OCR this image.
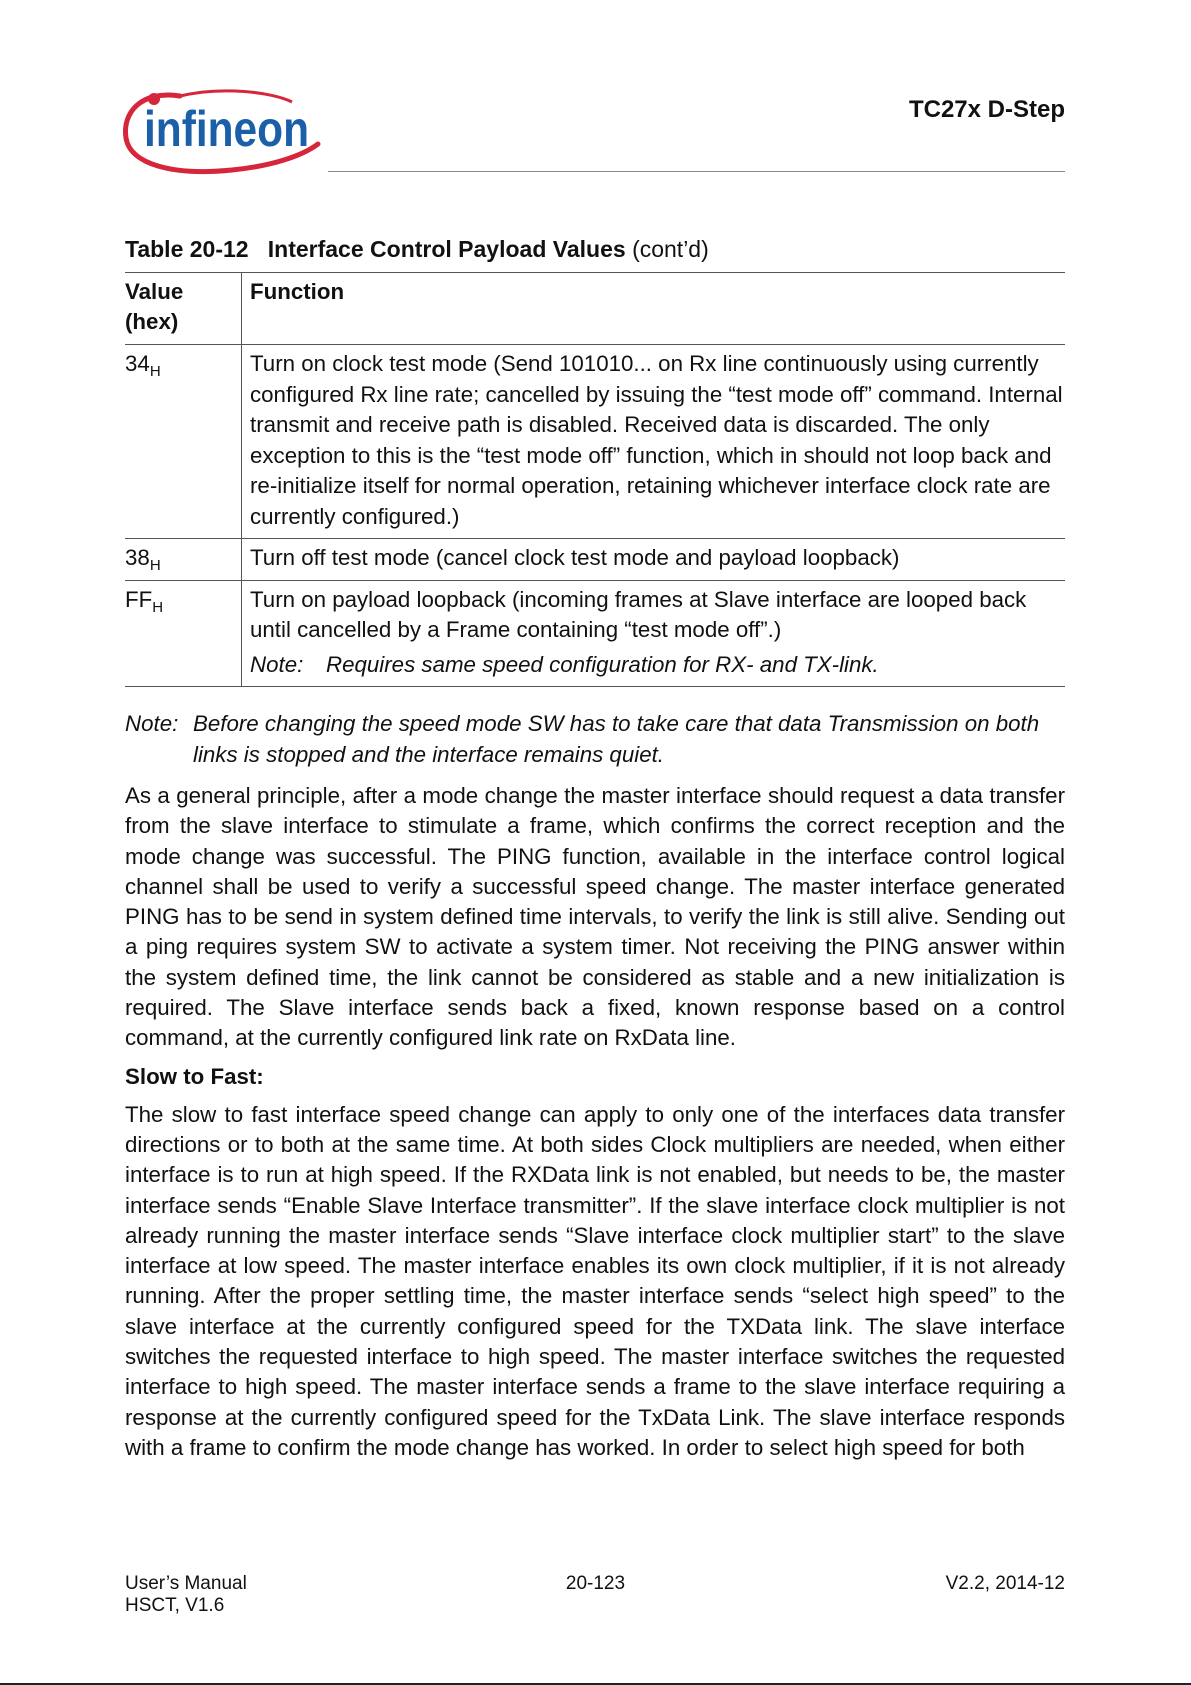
infineon	TC27x D-Step
Table 20-12 Interface Control Payload Values (cont’d)
Value (hex)	Function
$34_H$	Turn on clock test mode (Send 101010... on Rx line continuously using currently configured Rx line rate; cancelled by issuing the “test mode off” command. Internal transmit and receive path is disabled. Received data is discarded. The only exception to this is the “test mode off” function, which in should not loop back and re-initialize itself for normal operation, retaining whichever interface clock rate are currently configured.)
$38_H$	Turn off test mode (cancel clock test mode and payload loopback)
$FF_H$	Turn on payload loopback (incoming frames at Slave interface are looped back until cancelled by a Frame containing “test mode off”.)
Note: Requires same speed configuration for RX- and TX-link.
Note: Before changing the speed mode SW has to take care that data Transmission on both links is stopped and the interface remains quiet.

As a general principle, after a mode change the master interface should request a data transfer from the slave interface to stimulate a frame, which confirms the correct reception and the mode change was successful. The PING function, available in the interface control logical channel shall be used to verify a successful speed change. The master interface generated PING has to be send in system defined time intervals, to verify the link is still alive. Sending out a ping requires system SW to activate a system timer. Not receiving the PING answer within the system defined time, the link cannot be considered as stable and a new initialization is required. The Slave interface sends back a fixed, known response based on a control command, at the currently configured link rate on RxData line.

Slow to Fast:

The slow to fast interface speed change can apply to only one of the interfaces data transfer directions or to both at the same time. At both sides Clock multipliers are needed, when either interface is to run at high speed. If the RXData link is not enabled, but needs to be, the master interface sends “Enable Slave Interface transmitter”. If the slave interface clock multiplier is not already running the master interface sends “Slave interface clock multiplier start” to the slave interface at low speed. The master interface enables its own clock multiplier, if it is not already running. After the proper settling time, the master interface sends “select high speed” to the slave interface at the currently configured speed for the TXData link. The slave interface switches the requested interface to high speed. The master interface switches the requested interface to high speed. The master interface sends a frame to the slave interface requiring a response at the currently configured speed for the TxData Link. The slave interface responds with a frame to confirm the mode change has worked. In order to select high speed for both

User’s Manual
HSCT, V1.6
20-123	V2.2, 2014-12
